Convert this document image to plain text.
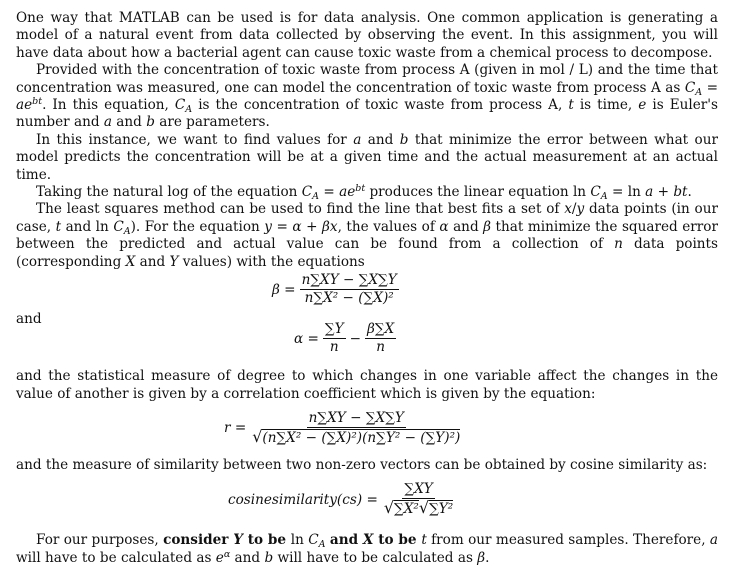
One way that MATLAB can be used is for data analysis. One common application is generating a model of a natural event from data collected by observing the event. In this assignment, you will have data about how a bacterial agent can cause toxic waste from a chemical process to decompose.

Provided with the concentration of toxic waste from process A (given in mol / L) and the time that concentration was measured, one can model the concentration of toxic waste from process A as $C_A = ae^{bt}$. In this equation, $C_A$ is the concentration of toxic waste from process A, t is time, e is Euler's number and a and b are parameters.

In this instance, we want to find values for a and b that minimize the error between what our model predicts the concentration will be at a given time and the actual measurement at an actual time.

Taking the natural log of the equation $C_A = ae^{bt}$ produces the linear equation $\ln C_A = \ln a$ + bt.

The least squares method can be used to find the line that best fits a set of x/y data points (in our case, t and $\ln C_A$). For the equation y = α + βx, the values of α and β that minimize the squared error between the predicted and actual value can be found from a collection of n data points (corresponding X and Y values) with the equations

$\beta = \frac{n\sum XY - \sum X\sum Y}{\text{n∑X² − (∑X)²}}$

and

$\alpha = \frac{\sum Y}{n} - \frac{\beta\sum X}{n}$

and the statistical measure of degree to which changes in one variable affect the changes in the value of another is given by a correlation coefficient which is given by the equation:

$r = \frac{n\sum XY - \sum X\sum Y}{\text{√ (n∑X² − (∑X)²)(n∑Y² − (∑Y)²)}}$

and the measure of similarity between two non-zero vectors can be obtained by cosine similarity as:

cosinesimilarity(cs) = $\frac{\sum XY}{\text{√ ∑X² √ ∑Y²}}$

For our purposes, consider Y to be $\ln C_A$ and X to be t from our measured samples. Therefore, a will have to be calculated as $e^\alpha$ and b will have to be calculated as β.
